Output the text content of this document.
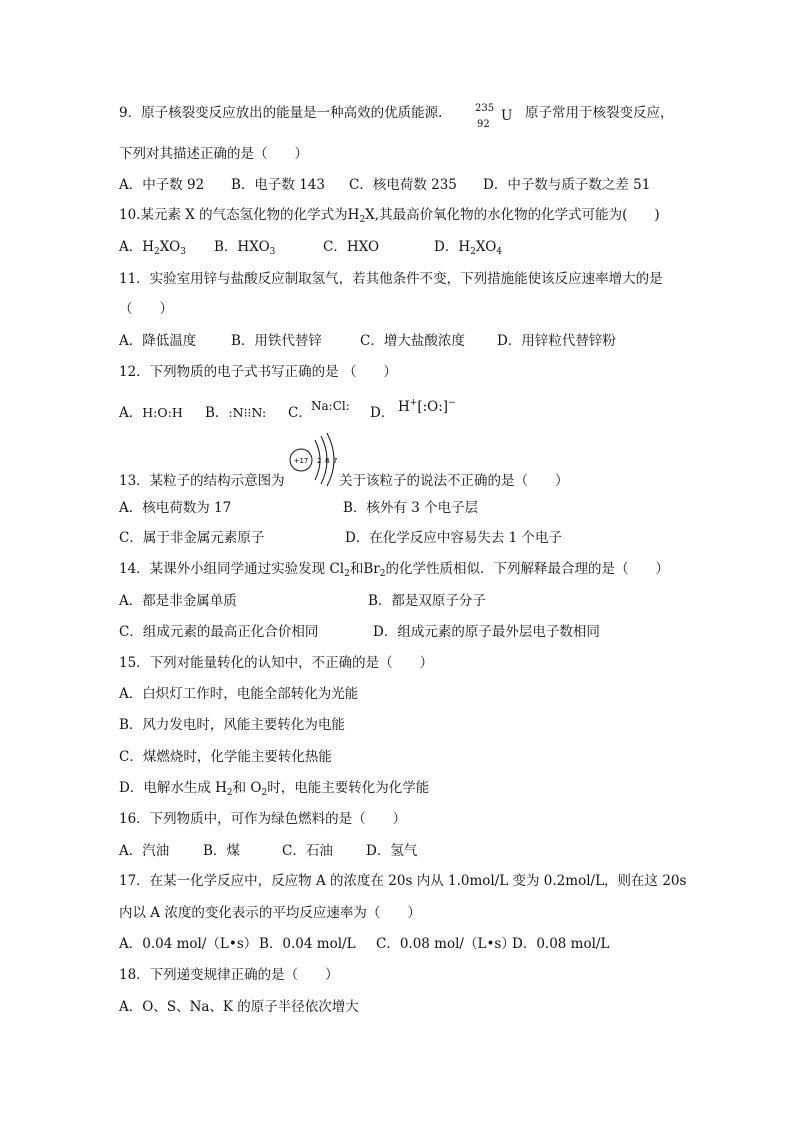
9．原子核裂变反应放出的能量是一种高效的优质能源． 235
92
U 原子常用于核裂变反应，
下列对其描述正确的是（　　）
A．中子数 92 B．电子数 143 C．核电荷数 235 D．中子数与质子数之差 51
10.某元素 X 的气态氢化物的化学式为$H_2X$,其最高价氧化物的水化物的化学式可能为(　　)
A．$H_2XO_3$ B．$HXO_3$	C．HXO	D．$H_2XO_4$
11．实验室用锌与盐酸反应制取氢气，若其他条件不变，下列措施能使该反应速率增大的是
（　　）
A．降低温度	B．用铁代替锌	C．增大盐酸浓度 D．用锌粒代替锌粉
12．下列物质的电子式书写正确的是 （　　）
A．H:O:H B．:N⁝⁝N: C． Na:Cl: D． H+[:O:]−
13．某粒子的结构示意图为
+17 2 8 7
关于该粒子的说法不正确的是（　　）
A．核电荷数为 17	B．核外有 3 个电子层
C．属于非金属元素原子	D．在化学反应中容易失去 1 个电子
14．某课外小组同学通过实验发现 $Cl_2$和$Br_2$的化学性质相似．下列解释最合理的是（　　）
A．都是非金属单质	B．都是双原子分子
C．组成元素的最高正化合价相同	D．组成元素的原子最外层电子数相同
15．下列对能量转化的认知中，不正确的是（　　）
A．白炽灯工作时，电能全部转化为光能
B．风力发电时，风能主要转化为电能
C．煤燃烧时，化学能主要转化热能
D．电解水生成 $H_2$和 $O_2$时，电能主要转化为化学能
16．下列物质中，可作为绿色燃料的是（　　）
A．汽油	B．煤	C．石油 D．氢气
17．在某一化学反应中，反应物 A 的浓度在 20s 内从 1.0mol/L 变为 0.2mol/L，则在这 20s
内以 A 浓度的变化表示的平均反应速率为（　　）
A．0.04 mol/（L•s） B．0.04 mol/L C．0.08 mol/（L•s）
D．0.08 mol/L
18．下列递变规律正确的是（　　）
A．O、S、Na、K 的原子半径依次增大
